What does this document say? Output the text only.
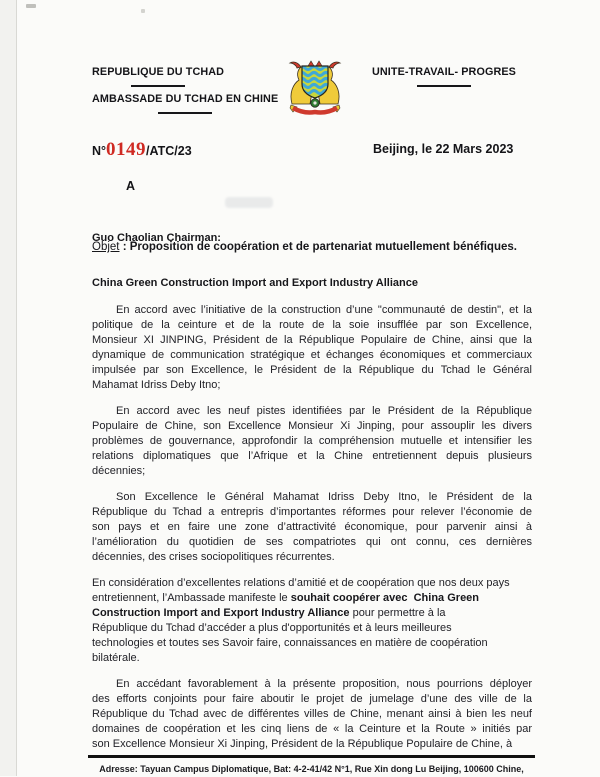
REPUBLIQUE DU TCHAD
AMBASSADE DU TCHAD EN CHINE
UNITE-TRAVAIL- PROGRES
N°0149/ATC/23	Beijing, le 22 Mars 2023
A

Guo Chaolian Chairman:

China Green Construction Import and Export Industry Alliance

Objet : Proposition de coopération et de partenariat mutuellement bénéfiques.
En accord avec l’initiative de la construction d’une "communauté de destin", et la
politique de la ceinture et de la route de la soie insufflée par son Excellence,
Monsieur XI JINPING, Président de la République Populaire de Chine, ainsi que la
dynamique de communication stratégique et échanges économiques et commerciaux
impulsée par son Excellence, le Président de la République du Tchad le Général
Mahamat Idriss Deby Itno;
En accord avec les neuf pistes identifiées par le Président de la République
Populaire de Chine, son Excellence Monsieur Xi Jinping, pour assouplir les divers
problèmes de gouvernance, approfondir la compréhension mutuelle et intensifier les
relations diplomatiques que l’Afrique et la Chine entretiennent depuis plusieurs
décennies;
Son Excellence le Général Mahamat Idriss Deby Itno, le Président de la
République du Tchad a entrepris d’importantes réformes pour relever l’économie de
son pays et en faire une zone d’attractivité économique, pour parvenir ainsi à
l’amélioration du quotidien de ses compatriotes qui ont connu, ces dernières
décennies, des crises sociopolitiques récurrentes.
En considération d’excellentes relations d’amitié et de coopération que nos deux pays
entretiennent, l’Ambassade manifeste le souhait coopérer avec  China Green
Construction Import and Export Industry Alliance pour permettre à la
République du Tchad d’accéder a plus d'opportunités et à leurs meilleures
technologies et toutes ses Savoir faire, connaissances en matière de coopération
bilatérale.
En accédant favorablement à la présente proposition, nous pourrions déployer
des efforts conjoints pour faire aboutir le projet de jumelage d’une des ville de la
République du Tchad avec de différentes villes de Chine, menant ainsi à bien les neuf
domaines de coopération et les cinq liens de « la Ceinture et la Route » initiés par
son Excellence Monsieur Xi Jinping, Président de la République Populaire de Chine, à
Adresse: Tayuan Campus Diplomatique, Bat: 4-2-41/42 N°1, Rue Xin dong Lu Beijing, 100600 Chine,
